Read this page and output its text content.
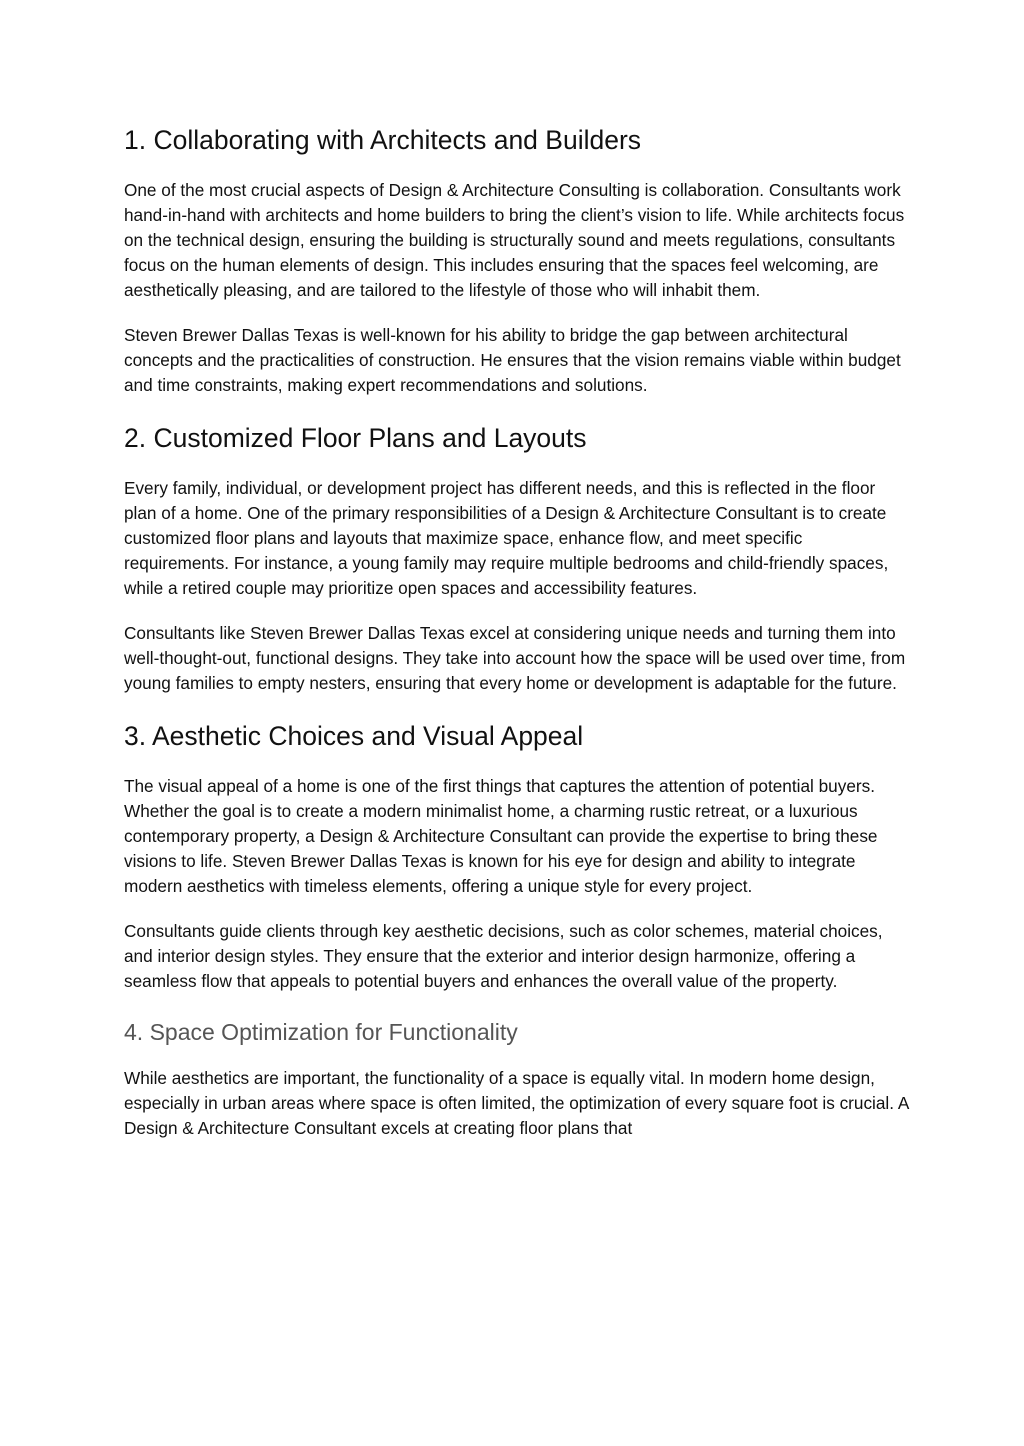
1. Collaborating with Architects and Builders

One of the most crucial aspects of Design & Architecture Consulting is collaboration. Consultants work hand-in-hand with architects and home builders to bring the client’s vision to life. While architects focus on the technical design, ensuring the building is structurally sound and meets regulations, consultants focus on the human elements of design. This includes ensuring that the spaces feel welcoming, are aesthetically pleasing, and are tailored to the lifestyle of those who will inhabit them.

Steven Brewer Dallas Texas is well-known for his ability to bridge the gap between architectural concepts and the practicalities of construction. He ensures that the vision remains viable within budget and time constraints, making expert recommendations and solutions.

2. Customized Floor Plans and Layouts

Every family, individual, or development project has different needs, and this is reflected in the floor plan of a home. One of the primary responsibilities of a Design & Architecture Consultant is to create customized floor plans and layouts that maximize space, enhance flow, and meet specific requirements. For instance, a young family may require multiple bedrooms and child-friendly spaces, while a retired couple may prioritize open spaces and accessibility features.

Consultants like Steven Brewer Dallas Texas excel at considering unique needs and turning them into well-thought-out, functional designs. They take into account how the space will be used over time, from young families to empty nesters, ensuring that every home or development is adaptable for the future.

3. Aesthetic Choices and Visual Appeal

The visual appeal of a home is one of the first things that captures the attention of potential buyers. Whether the goal is to create a modern minimalist home, a charming rustic retreat, or a luxurious contemporary property, a Design & Architecture Consultant can provide the expertise to bring these visions to life. Steven Brewer Dallas Texas is known for his eye for design and ability to integrate modern aesthetics with timeless elements, offering a unique style for every project.

Consultants guide clients through key aesthetic decisions, such as color schemes, material choices, and interior design styles. They ensure that the exterior and interior design harmonize, offering a seamless flow that appeals to potential buyers and enhances the overall value of the property.

4. Space Optimization for Functionality

While aesthetics are important, the functionality of a space is equally vital. In modern home design, especially in urban areas where space is often limited, the optimization of every square foot is crucial. A Design & Architecture Consultant excels at creating floor plans that
